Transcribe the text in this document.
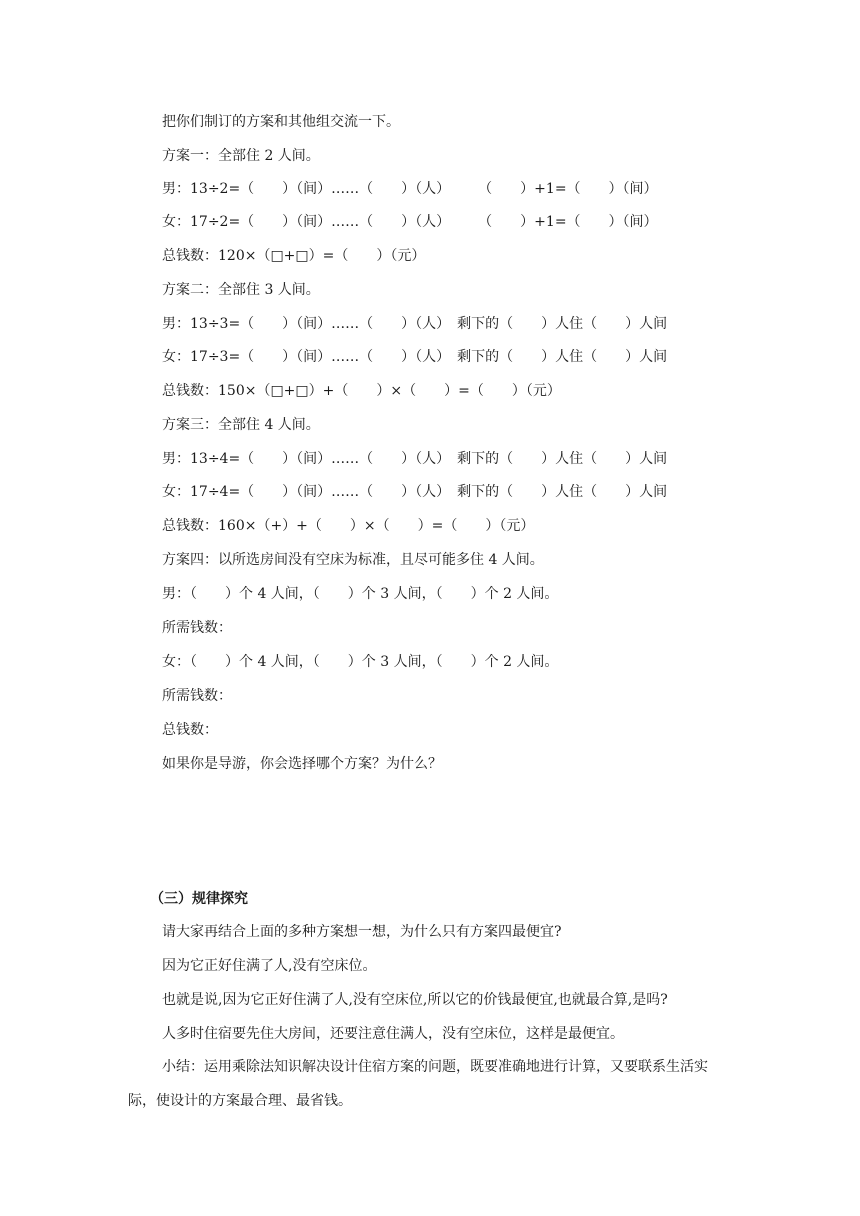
把你们制订的方案和其他组交流一下。

方案一：全部住 2 人间。

男：13÷2=（　　）（间）……（　　）（人）　　　（　　）+1=（　　）（间）

女：17÷2=（　　）（间）……（　　）（人）　　　（　　）+1=（　　）（间）

总钱数：120×（□+□）=（　　）（元）

方案二：全部住 3 人间。

男：13÷3=（　　）（间）……（　　）（人）　剩下的（　　）人住（　　）人间

女：17÷3=（　　）（间）……（　　）（人）　剩下的（　　）人住（　　）人间

总钱数：150×（□+□）+（　　）×（　　）=（　　）（元）

方案三：全部住 4 人间。

男：13÷4=（　　）（间）……（　　）（人）　剩下的（　　）人住（　　）人间

女：17÷4=（　　）（间）……（　　）（人）　剩下的（　　）人住（　　）人间

总钱数：160×（+）+（　　）×（　　）=（　　）（元）

方案四：以所选房间没有空床为标准，且尽可能多住 4 人间。

男：（　　）个 4 人间，（　　）个 3 人间，（　　）个 2 人间。

所需钱数：

女：（　　）个 4 人间，（　　）个 3 人间，（　　）个 2 人间。

所需钱数：

总钱数：

如果你是导游，你会选择哪个方案？为什么？

（三）规律探究

请大家再结合上面的多种方案想一想，为什么只有方案四最便宜?

因为它正好住满了人,没有空床位。

也就是说,因为它正好住满了人,没有空床位,所以它的价钱最便宜,也就最合算,是吗?

人多时住宿要先住大房间，还要注意住满人，没有空床位，这样是最便宜。

小结：运用乘除法知识解决设计住宿方案的问题，既要准确地进行计算，又要联系生活实际，使设计的方案最合理、最省钱。
